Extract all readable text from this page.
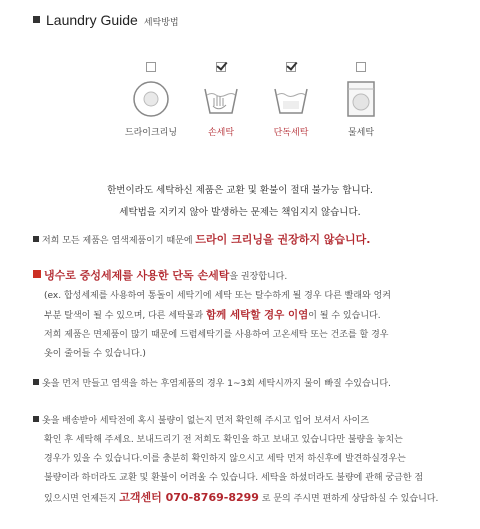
Laundry Guide 세탁방법
드라이크리닝	손세탁	단독세탁	물세탁
한번이라도 세탁하신 제품은 교환 및 환불이 절대 불가능 합니다.
세탁법을 지키지 않아 발생하는 문제는 책임지지 않습니다.
저희 모든 제품은 염색제품이기 때문에 드라이 크리닝을 권장하지 않습니다.
냉수로 중성세제를 사용한 단독 손세탁을 권장합니다.
(ex. 합성세제를 사용하여 통돌이 세탁기에 세탁 또는 탈수하게 될 경우 다른 빨래와 엉켜
부분 탈색이 될 수 있으며, 다른 세탁물과 함께 세탁할 경우 이염이 될 수 있습니다.
저희 제품은 면제품이 많기 때문에 드럼세탁기를 사용하여 고온세탁 또는 건조를 할 경우
옷이 줄어들 수 있습니다.)
옷을 먼저 만들고 염색을 하는 후염제품의 경우 1~3회 세탁시까지 물이 빠질 수있습니다.
옷을 배송받아 세탁전에 혹시 불량이 없는지 먼저 확인해 주시고 입어 보셔서 사이즈
확인 후 세탁해 주세요. 보내드리기 전 저희도 확인을 하고 보내고 있습니다만 불량을 놓치는
경우가 있을 수 있습니다.이를 충분히 확인하지 않으시고 세탁 먼저 하신후에 발견하실경우는
불량이라 하더라도 교환 및 환불이 어려울 수 있습니다. 세탁을 하셨더라도 불량에 관해 궁금한 점
있으시면 언제든지 고객센터 070-8769-8299 로 문의 주시면 편하게 상담하실 수 있습니다.
